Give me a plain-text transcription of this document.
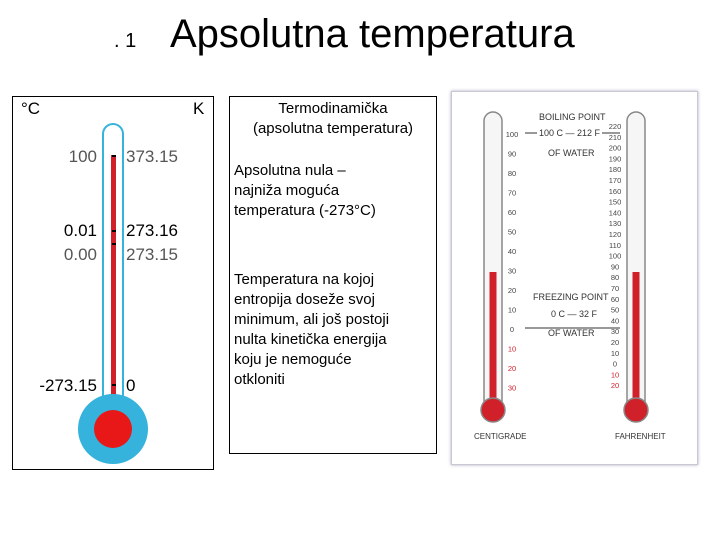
. 1 Apsolutna temperatura
°C	K
100 373.15
0.01 273.16
0.00 273.15
-273.15 0
Termodinamička
(apsolutna temperatura)
Apsolutna nula –
najniža moguća
temperatura (-273°C)
Temperatura na kojoj
entropija doseže svoj
minimum, ali još postoji
nulta kinetička energija
koju je nemoguće
otkloniti
100
90
80
70
60
50
40
30
20
10
0
10
20
30
220
210
200
190
180
170
160
150
140
130
120
110
100
90
80
70
60
50
40
30
20
10
0
10
20
BOILING POINT
100 C — 212 F
OF WATER
FREEZING POINT
0 C — 32 F
OF WATER
CENTIGRADE	FAHRENHEIT
